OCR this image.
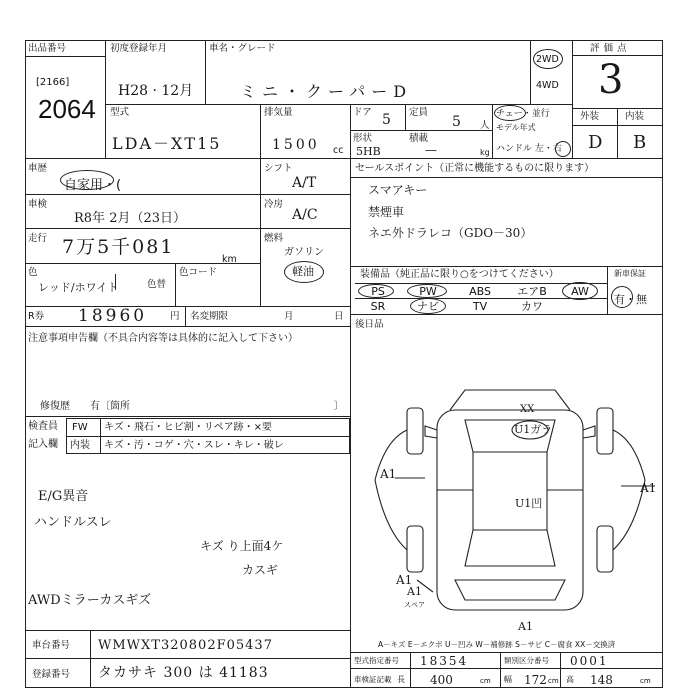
出品番号
[2166]
2064
初度登録年月
H28 · 12月
車名・グレード
ミニ・クーパーD
2WD
4WD
評価点
3
外装	内装
D B
型式
LDA－XT15
排気量
1500 cc
ドア 5 定員
5 人
形状
5HB
積載
—	kg
チェー・並行
モデル年式
ハンドル 左・右
車歴
自家用・(
車検
R8年 2月（23日）
走行 7万5千081
km
色
レッド/ホワイト	色替
色コード
シフト
A/T
冷房
A/C
燃料
ガソリン
軽油
セールスポイント（正常に機能するものに限ります）
スマアキー
禁煙車
ネエ外ドラレコ（GDO－30）
装備品（純正品に限り○をつけてください）	新車保証
PS	PW	ABS	エアB	AW
SR	ナビ	TV	カワ
有・無
R券 18960 円 名変期限	月	日
後日品
注意事項申告欄（不具合内容等は具体的に記入して下さい）
修復歴　　有〔箇所	〕
検査員
記入欄
FW
内装
キズ・飛石・ヒビ割・リペア跡・×要
キズ・汚・コゲ・穴・スレ・キレ・破レ
E/G異音
ハンドルスレ
AWDミラーカスギズ
キズ り上面4ケ
カスギ
XX
U1ガラ
A1
A1
U1凹
A1
A1
A1
スペア
車台番号 WMWXT320802F05437
登録番号 タカサキ 300 は 41183
A－キズ E－エクボ U－凹み W－補修跡 S－サビ C－腐食 XX－交換済
型式指定番号 18354	類別区分番号 0001
車検証記載 長 400	cm 幅 172 cm 高 148	cm
